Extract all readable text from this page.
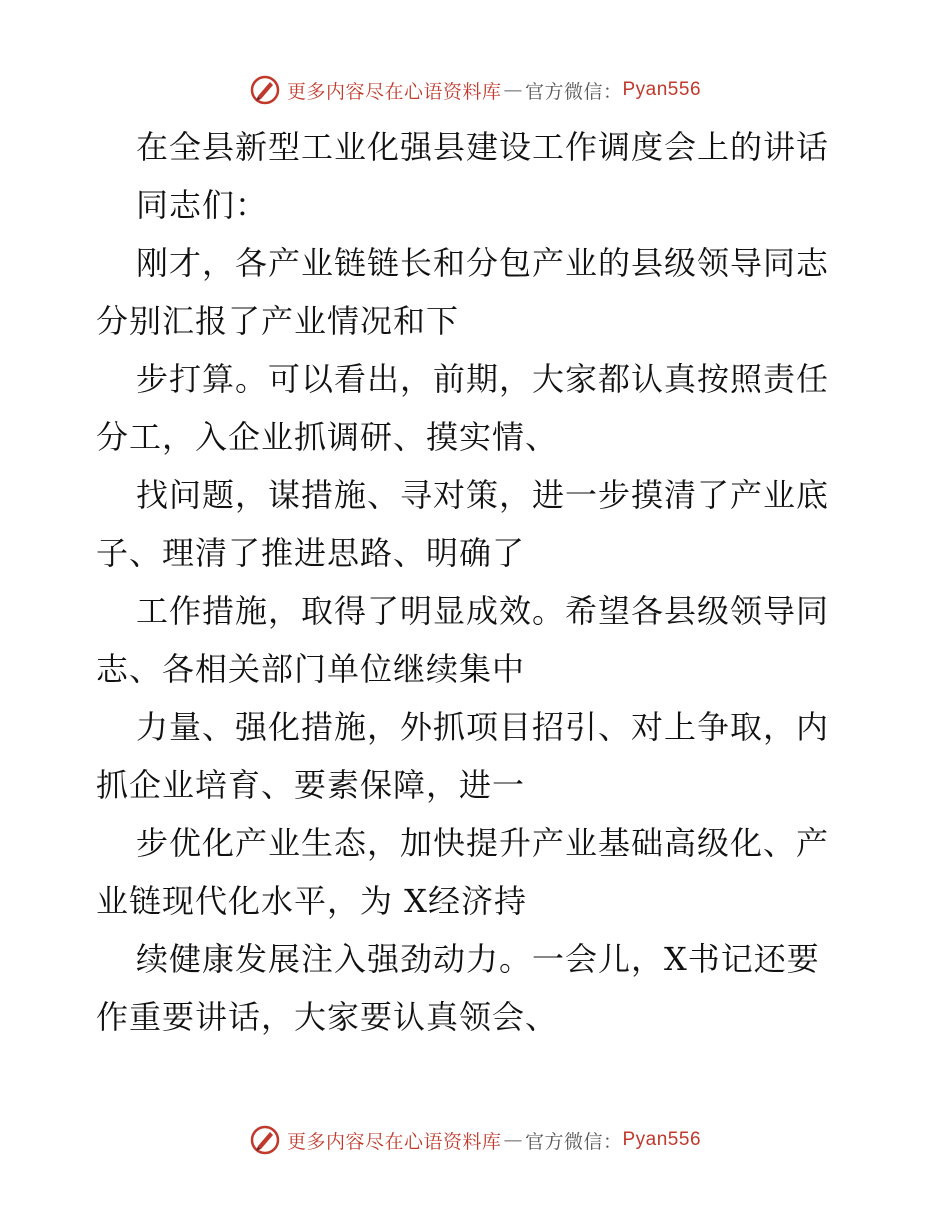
更多内容尽在心语资料库 — 官方微信： Pyan556
在全县新型工业化强县建设工作调度会上的讲话
同志们：
刚才，各产业链链长和分包产业的县级领导同志
分别汇报了产业情况和下
步打算。可以看出，前期，大家都认真按照责任
分工，入企业抓调研、摸实情、
找问题，谋措施、寻对策，进一步摸清了产业底
子、理清了推进思路、明确了
工作措施，取得了明显成效。希望各县级领导同
志、各相关部门单位继续集中
力量、强化措施，外抓项目招引、对上争取，内
抓企业培育、要素保障，进一
步优化产业生态，加快提升产业基础高级化、产
业链现代化水平，为 X经济持
续健康发展注入强劲动力。一会儿，X书记还要
作重要讲话，大家要认真领会、
更多内容尽在心语资料库 — 官方微信： Pyan556
